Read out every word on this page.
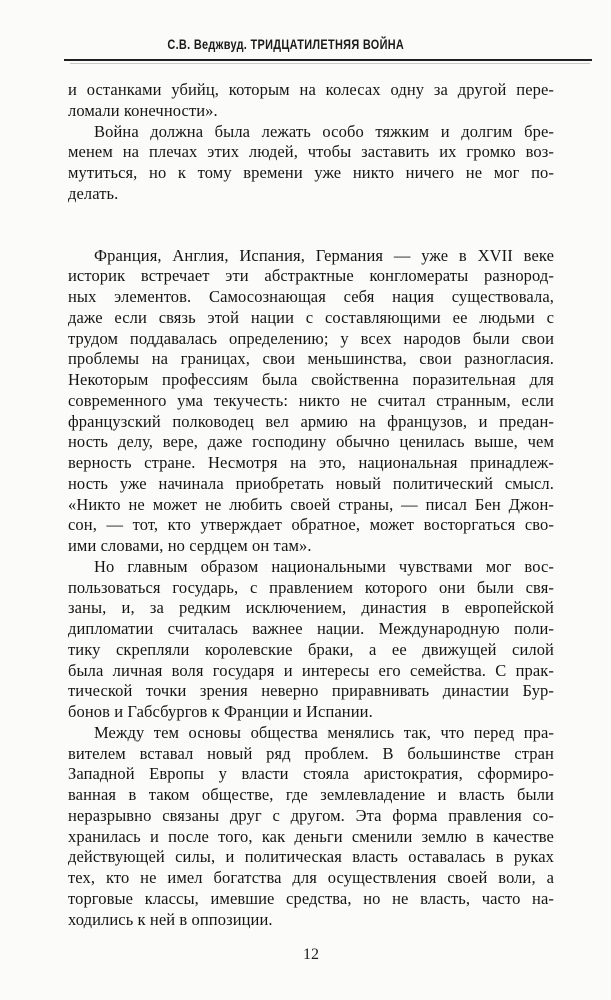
С.В. Веджвуд. ТРИДЦАТИЛЕТНЯЯ ВОЙНА
и останками убийц, которым на колесах одну за другой пере-
ломали конечности».
Война должна была лежать особо тяжким и долгим бре-
менем на плечах этих людей, чтобы заставить их громко воз-
мутиться, но к тому времени уже никто ничего не мог по-
делать.
Франция, Англия, Испания, Германия — уже в XVII веке
историк встречает эти абстрактные конгломераты разнород-
ных элементов. Самосознающая себя нация существовала,
даже если связь этой нации с составляющими ее людьми с
трудом поддавалась определению; у всех народов были свои
проблемы на границах, свои меньшинства, свои разногласия.
Некоторым профессиям была свойственна поразительная для
современного ума текучесть: никто не считал странным, если
французский полководец вел армию на французов, и предан-
ность делу, вере, даже господину обычно ценилась выше, чем
верность стране. Несмотря на это, национальная принадлеж-
ность уже начинала приобретать новый политический смысл.
«Никто не может не любить своей страны, — писал Бен Джон-
сон, — тот, кто утверждает обратное, может восторгаться сво-
ими словами, но сердцем он там».
Но главным образом национальными чувствами мог вос-
пользоваться государь, с правлением которого они были свя-
заны, и, за редким исключением, династия в европейской
дипломатии считалась важнее нации. Международную поли-
тику скрепляли королевские браки, а ее движущей силой
была личная воля государя и интересы его семейства. С прак-
тической точки зрения неверно приравнивать династии Бур-
бонов и Габсбургов к Франции и Испании.
Между тем основы общества менялись так, что перед пра-
вителем вставал новый ряд проблем. В большинстве стран
Западной Европы у власти стояла аристократия, сформиро-
ванная в таком обществе, где землевладение и власть были
неразрывно связаны друг с другом. Эта форма правления со-
хранилась и после того, как деньги сменили землю в качестве
действующей силы, и политическая власть оставалась в руках
тех, кто не имел богатства для осуществления своей воли, а
торговые классы, имевшие средства, но не власть, часто на-
ходились к ней в оппозиции.
12
